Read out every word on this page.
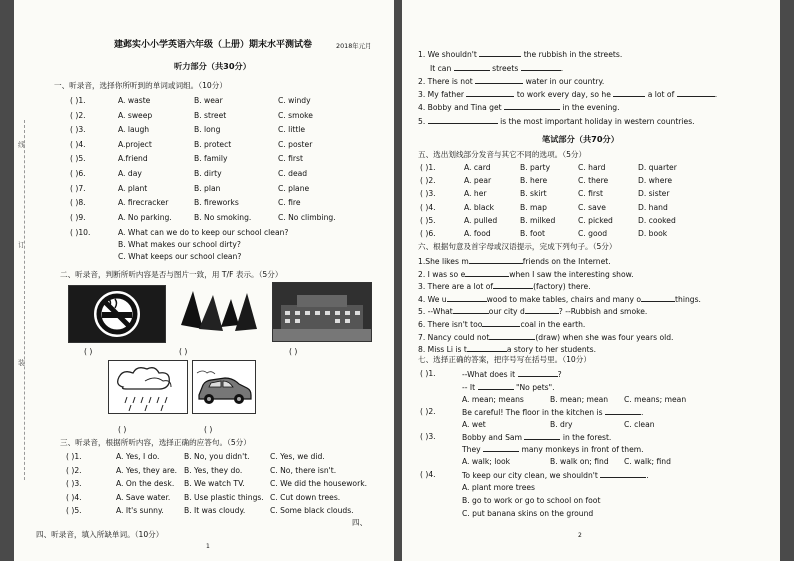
线
订
装
建邺实小小学英语六年级（上册）期末水平测试卷	2018年元月
听力部分（共30分）
一、听录音，选择你所听到的单词或词组。（10分）
( )1.	A. waste	B. wear	C. windy
( )2.	A. sweep	B. street	C. smoke
( )3.	A. laugh	B. long	C. little
( )4.	A.project	B. protect	C. poster
( )5.	A.friend	B. family	C. first
( )6.	A. day	B. dirty	C. dead
( )7.	A. plant	B. plan	C. plane
( )8.	A. firecracker	B. fireworks	C. fire
( )9.	A. No parking.	B. No smoking.	C. No climbing.
( )10.	A. What can we do to keep our school clean?
B. What makes our school dirty?
C. What keeps our school clean?
二、听录音，判断所听内容是否与图片一致，用 T/F 表示。（5分）
( )	( )	( )
( )	( )
三、听录音，根据所听内容，选择正确的应答句。（5分）
( )1.	A. Yes, I do.	B. No, you didn't.	C. Yes, we did.
( )2.	A. Yes, they are. B. Yes, they do.	C. No, there isn't.
( )3.	A. On the desk. B. We watch TV.	C. We did the housework.
( )4.	A. Save water. B. Use plastic things. C. Cut down trees.
( )5.	A. It's sunny.	B. It was cloudy.	C. Some black clouds.
四、
四、听录音，填入所缺单词。（10分）
1
1. We shouldn't	the rubbish in the streets.
It can	streets	.
2. There is not	water in our country.
3. My father	to work every day, so he	a lot of	.
4. Bobby and Tina get	in the evening.
5.	is the most important holiday in western countries.
笔试部分（共70分）
五、选出划线部分发音与其它不同的选项。（5分）
( )1.	A. card	B. party	C. hard	D. quarter
( )2.	A. pear	B. here	C. there	D. where
( )3.	A. her	B. skirt	C. first	D. sister
( )4.	A. black	B. map	C. save	D. hand
( )5.	A. pulled	B. milked	C. picked	D. cooked
( )6.	A. food	B. foot	C. good	D. book
六、根据句意及首字母或汉语提示，完成下列句子。（5分）
1.She likes m	friends on the Internet.
2. I was so e	when I saw the interesting show.
3. There are a lot of	(factory) there.
4. We u	wood to make tables, chairs and many o	things.
5. --What	our city d	? --Rubbish and smoke.
6. There isn't too	coal in the earth.
7. Nancy could not	(draw) when she was four years old.
8. Miss Li is t	a story to her students.
七、选择正确的答案，把序号写在括号里。（10分）
( )1.	--What does it	?
-- It	"No pets".
A. mean; means	B. mean; mean C. means; mean
( )2.	Be careful! The floor in the kitchen is	.
A. wet	B. dry	C. clean
( )3.	Bobby and Sam	in the forest.
They	many monkeys in front of them.
A. walk; look	B. walk on; find C. walk; find
( )4.	To keep our city clean, we shouldn't	.
A. plant more trees
B. go to work or go to school on foot
C. put banana skins on the ground
2
